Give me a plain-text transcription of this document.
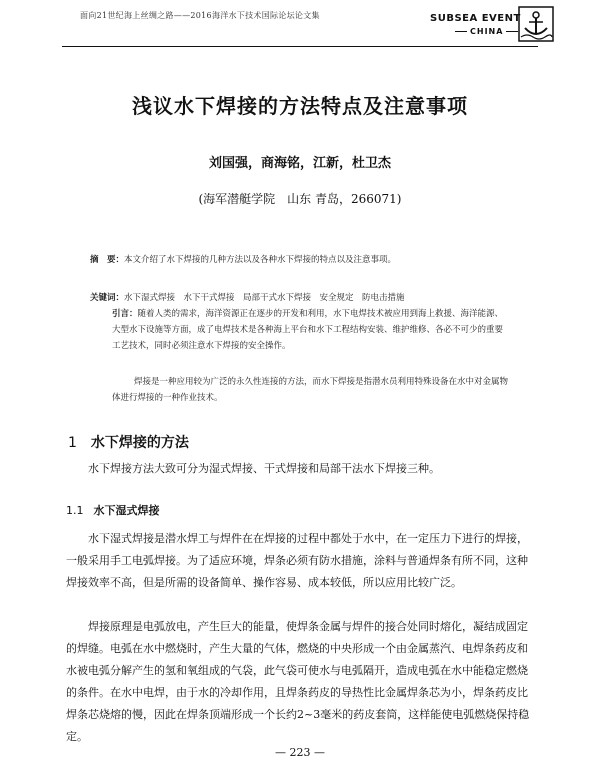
面向21世纪海上丝绸之路——2016海洋水下技术国际论坛论文集	SUBSEA EVENT
CHINA
浅议水下焊接的方法特点及注意事项
刘国强，商海铭，江新，杜卫杰
(海军潜艇学院　山东 青岛，266071)
摘　要：本文介绍了水下焊接的几种方法以及各种水下焊接的特点以及注意事项。
关键词：水下湿式焊接　水下干式焊接　局部干式水下焊接　安全规定　防电击措施
引言：随着人类的需求，海洋资源正在逐步的开发和利用，水下电焊技术被应用到海上救援、海洋能源、大型水下设施等方面，成了电焊技术是各种海上平台和水下工程结构安装、维护维修、各必不可少的重要工艺技术，同时必须注意水下焊接的安全操作。
焊接是一种应用较为广泛的永久性连接的方法，而水下焊接是指潜水员利用特殊设备在水中对金属物体进行焊接的一种作业技术。
1 水下焊接的方法
水下焊接方法大致可分为湿式焊接、干式焊接和局部干法水下焊接三种。
1.1 水下湿式焊接
水下湿式焊接是潜水焊工与焊件在在焊接的过程中都处于水中，在一定压力下进行的焊接，一般采用手工电弧焊接。为了适应环境，焊条必须有防水措施，涂料与普通焊条有所不同，这种焊接效率不高，但是所需的设备简单、操作容易、成本较低，所以应用比较广泛。
焊接原理是电弧放电，产生巨大的能量，使焊条金属与焊件的接合处同时熔化，凝结成固定的焊缝。电弧在水中燃烧时，产生大量的气体，燃烧的中央形成一个由金属蒸汽、电焊条药皮和水被电弧分解产生的氢和氧组成的气袋，此气袋可使水与电弧隔开，造成电弧在水中能稳定燃烧的条件。在水中电焊，由于水的冷却作用，且焊条药皮的导热性比金属焊条芯为小，焊条药皮比焊条芯烧熔的慢，因此在焊条顶端形成一个长约2~3毫米的药皮套筒，这样能使电弧燃烧保持稳定。
— 223 —
